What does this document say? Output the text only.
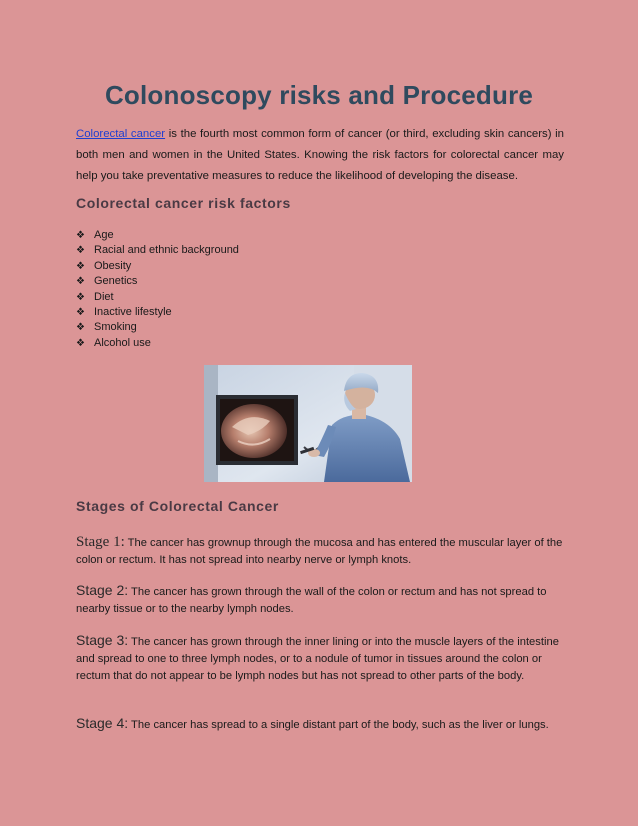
Colonoscopy risks and Procedure

Colorectal cancer is the fourth most common form of cancer (or third, excluding skin cancers) in both men and women in the United States. Knowing the risk factors for colorectal cancer may help you take preventative measures to reduce the likelihood of developing the disease.

Colorectal cancer risk factors
❖ Age
❖ Racial and ethnic background
❖ Obesity
❖ Genetics
❖ Diet
❖ Inactive lifestyle
❖ Smoking
❖ Alcohol use
Stages of Colorectal Cancer

Stage 1: The cancer has grownup through the mucosa and has entered the muscular layer of the colon or rectum. It has not spread into nearby nerve or lymph knots.

Stage 2: The cancer has grown through the wall of the colon or rectum and has not spread to nearby tissue or to the nearby lymph nodes.

Stage 3: The cancer has grown through the inner lining or into the muscle layers of the intestine and spread to one to three lymph nodes, or to a nodule of tumor in tissues around the colon or rectum that do not appear to be lymph nodes but has not spread to other parts of the body.

Stage 4: The cancer has spread to a single distant part of the body, such as the liver or lungs.
